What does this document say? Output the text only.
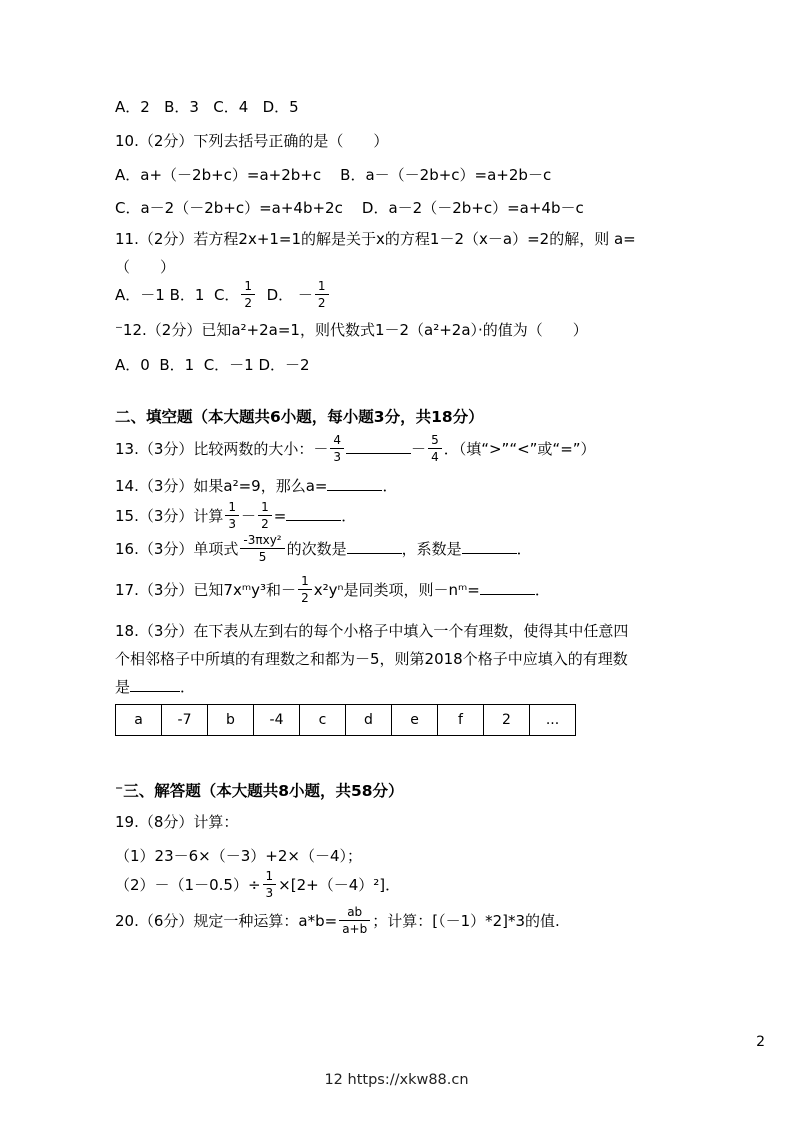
A．2   B．3   C．4   D．5
10.（2分）下列去括号正确的是（　　）
A．a+（－2b+c）=a+2b+c    B．a－（－2b+c）=a+2b－c
C．a－2（－2b+c）=a+4b+2c    D．a－2（－2b+c）=a+4b－c
11.（2分）若方程2x+1=1的解是关于x的方程1－2（x－a）=2的解，则 a=
（　　）
A．－1 B．1  C． $\frac{1}{2}$ D． － $\frac{1}{2}$
⁻12.（2分）已知a²+2a=1，则代数式1－2（a²+2a）·的值为（　　）
A．0  B．1  C．－1 D．－2
二、填空题（本大题共6小题，每小题3分，共18分）
13.（3分）比较两数的大小：－ $\frac{4}{3}$	－ $\frac{5}{4}$ ．（填“>”“<”或“=”）
14.（3分）如果a²=9，那么a=	．
15.（3分）计算 $\frac{1}{3} - \frac{1}{2}$ =	．
16.（3分）单项式 $\frac{\text{-3πxy²}}{5}$ 的次数是	，系数是	．
17.（3分）已知7xᵐy³和－ $\frac{1}{2} x^2y^n$是同类项，则－nᵐ=	．
18.（3分）在下表从左到右的每个小格子中填入一个有理数，使得其中任意四
个相邻格子中所填的有理数之和都为－5，则第2018个格子中应填入的有理数
是	．
a	-7	b	-4	c	d	e	f	2	...
⁻三、解答题（本大题共8小题，共58分）
19.（8分）计算：
（1）23－6×（－3）+2×（－4）；
$(2)-(1-0.5)\div \frac{1}{3} \times[2+(-4)^2]$．
20.（6分）规定一种运算：$a*b= \frac{ab}{a+b}$ ；计算：[（－1）*2]*3的值.
2
12 https://xkw88.cn
